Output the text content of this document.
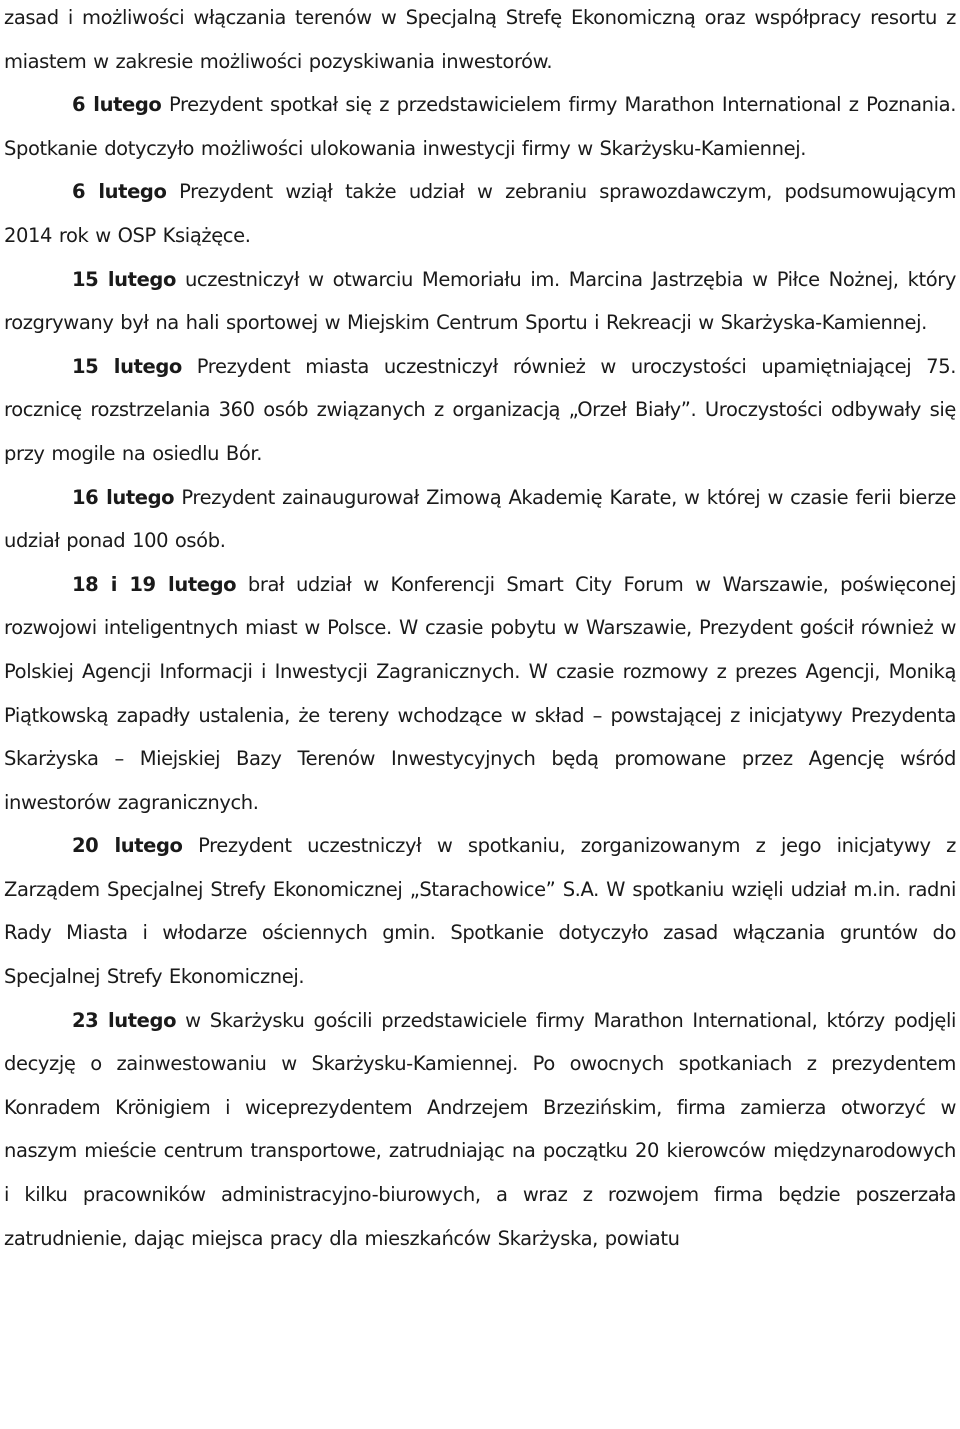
zasad i możliwości włączania terenów w Specjalną Strefę Ekonomiczną oraz współpracy resortu z miastem w zakresie możliwości pozyskiwania inwestorów.

6 lutego Prezydent spotkał się z przedstawicielem firmy Marathon International z Poznania. Spotkanie dotyczyło możliwości ulokowania inwestycji firmy w Skarżysku-Kamiennej.

6 lutego Prezydent wziął także udział w zebraniu sprawozdawczym, podsumowującym 2014 rok w OSP Książęce.

15 lutego uczestniczył w otwarciu Memoriału im. Marcina Jastrzębia w Piłce Nożnej, który rozgrywany był na hali sportowej w Miejskim Centrum Sportu i Rekreacji w Skarżyska-Kamiennej.

15 lutego Prezydent miasta uczestniczył również w uroczystości upamiętniającej 75. rocznicę rozstrzelania 360 osób związanych z organizacją „Orzeł Biały”. Uroczystości odbywały się przy mogile na osiedlu Bór.

16 lutego Prezydent zainaugurował Zimową Akademię Karate, w której w czasie ferii bierze udział ponad 100 osób.

18 i 19 lutego brał udział w Konferencji Smart City Forum w Warszawie, poświęconej rozwojowi inteligentnych miast w Polsce. W czasie pobytu w Warszawie, Prezydent gościł również w Polskiej Agencji Informacji i Inwestycji Zagranicznych. W czasie rozmowy z prezes Agencji, Moniką Piątkowską zapadły ustalenia, że tereny wchodzące w skład – powstającej z inicjatywy Prezydenta Skarżyska – Miejskiej Bazy Terenów Inwestycyjnych będą promowane przez Agencję wśród inwestorów zagranicznych.

20 lutego Prezydent uczestniczył w spotkaniu, zorganizowanym z jego inicjatywy z Zarządem Specjalnej Strefy Ekonomicznej „Starachowice” S.A. W spotkaniu wzięli udział m.in. radni Rady Miasta i włodarze ościennych gmin. Spotkanie dotyczyło zasad włączania gruntów do Specjalnej Strefy Ekonomicznej.

23 lutego w Skarżysku gościli przedstawiciele firmy Marathon International, którzy podjęli decyzję o zainwestowaniu w Skarżysku-Kamiennej. Po owocnych spotkaniach z prezydentem Konradem Krönigiem i wiceprezydentem Andrzejem Brzezińskim, firma zamierza otworzyć w naszym mieście centrum transportowe, zatrudniając na początku 20 kierowców międzynarodowych i kilku pracowników administracyjno-biurowych, a wraz z rozwojem firma będzie poszerzała zatrudnienie, dając miejsca pracy dla mieszkańców Skarżyska, powiatu
